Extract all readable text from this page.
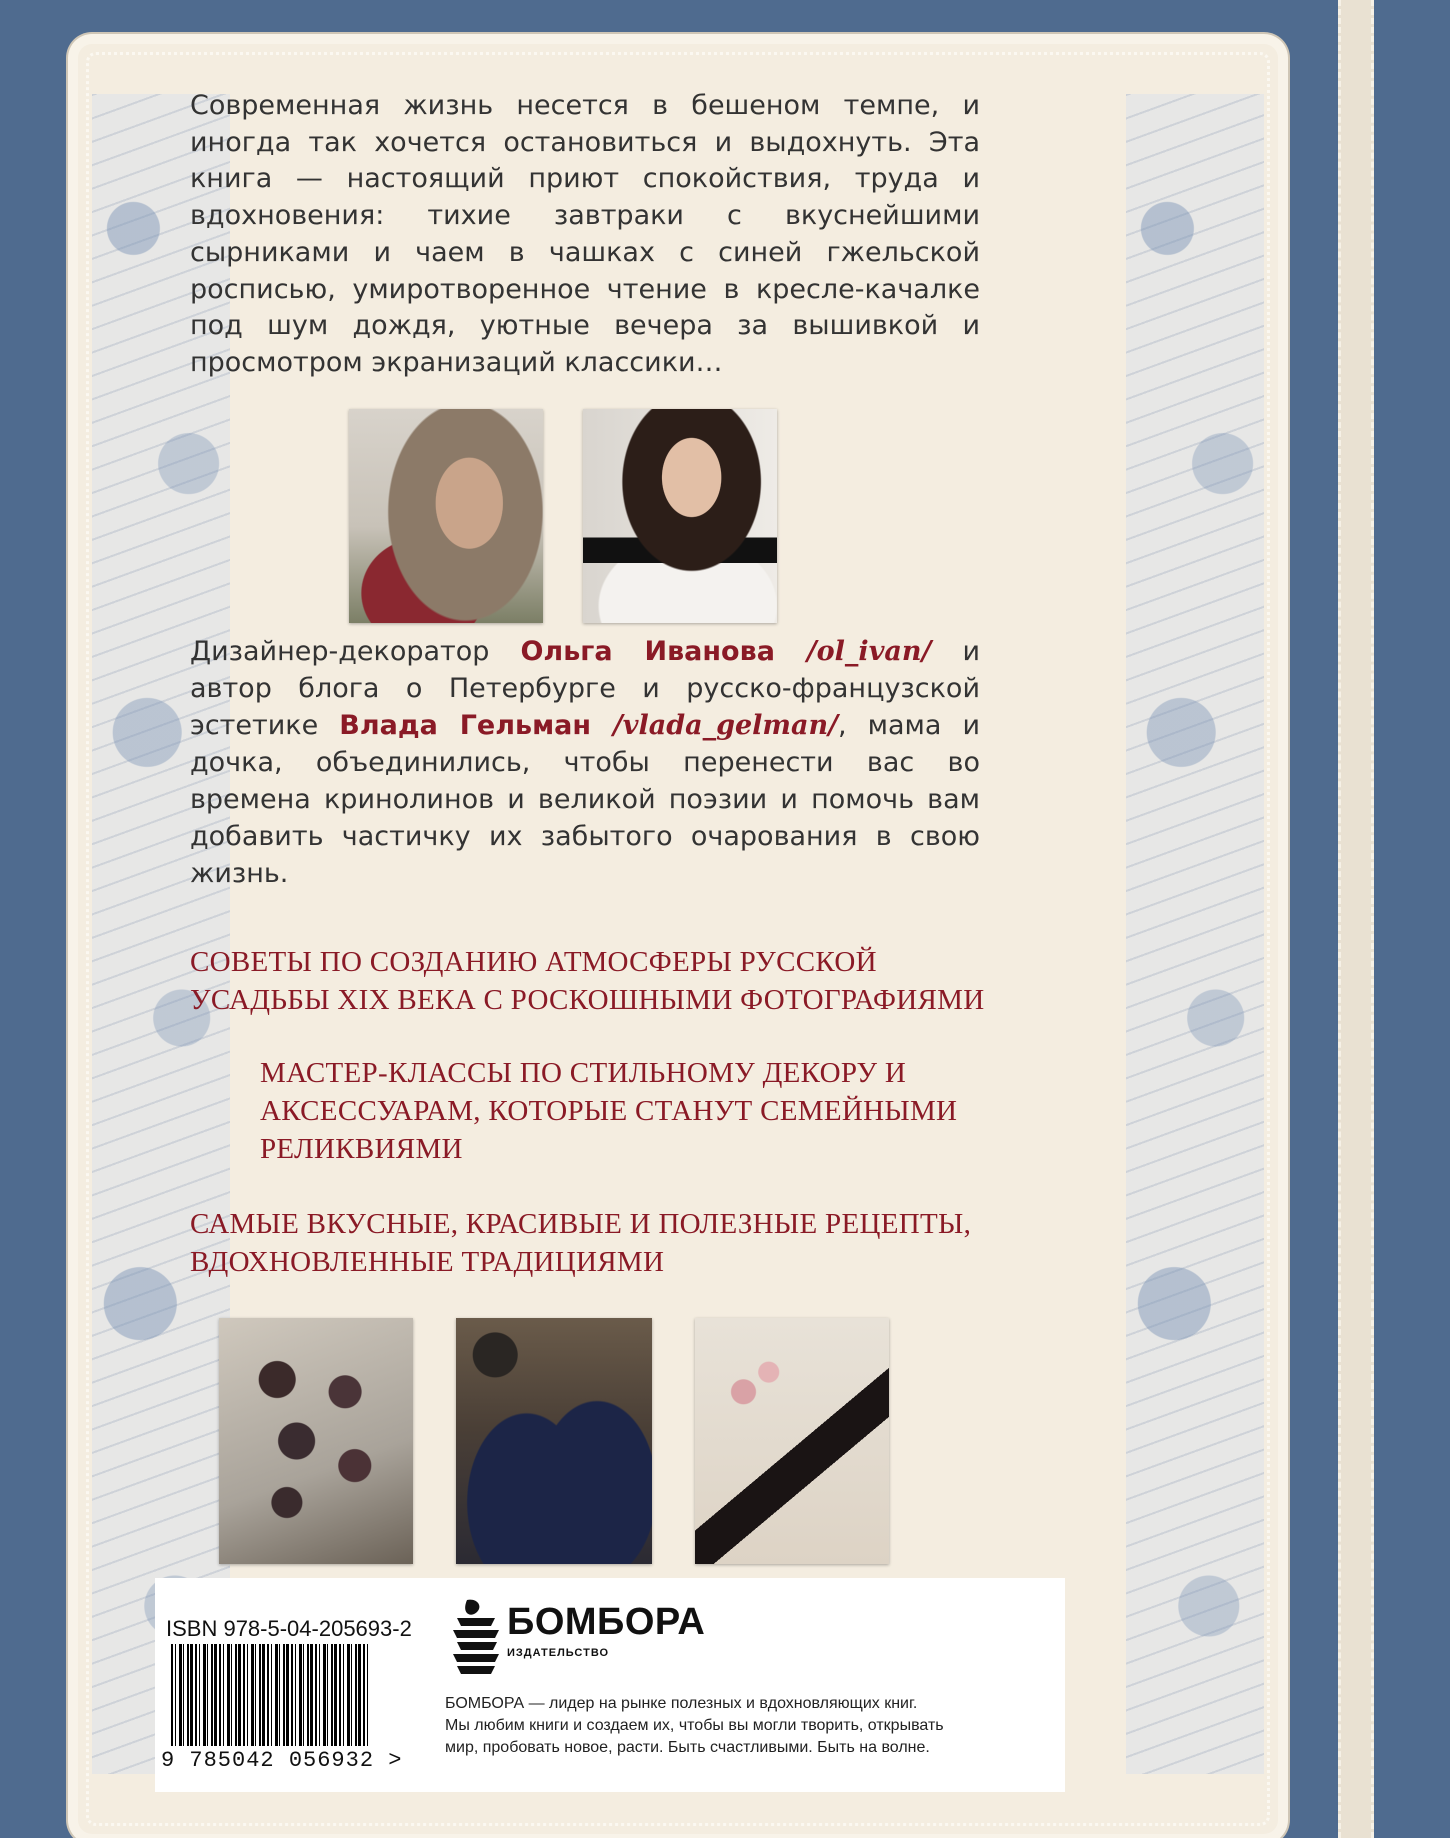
Современная жизнь несется в бешеном темпе, и иногда так хочется остановиться и выдохнуть. Эта книга — настоящий приют спокойствия, труда и вдохновения: тихие завтраки с вкуснейшими сырниками и чаем в чашках с синей гжельской росписью, умиротворенное чтение в кресле-качалке под шум дождя, уютные вечера за вышивкой и просмотром экранизаций классики…

Дизайнер-декоратор Ольга Иванова /ol_ivan/ и автор блога о Петербурге и русско-французской эстетике Влада Гельман /vlada_gelman/, мама и дочка, объединились, чтобы перенести вас во времена кринолинов и великой поэзии и помочь вам добавить частичку их забытого очарования в свою жизнь.

СОВЕТЫ ПО СОЗДАНИЮ АТМОСФЕРЫ РУССКОЙ УСАДЬБЫ XIX ВЕКА С РОСКОШНЫМИ ФОТОГРАФИЯМИ

МАСТЕР-КЛАССЫ ПО СТИЛЬНОМУ ДЕКОРУ И АКСЕССУАРАМ, КОТОРЫЕ СТАНУТ СЕМЕЙНЫМИ РЕЛИКВИЯМИ

САМЫЕ ВКУСНЫЕ, КРАСИВЫЕ И ПОЛЕЗНЫЕ РЕЦЕПТЫ, ВДОХНОВЛЕННЫЕ ТРАДИЦИЯМИ

ISBN 978-5-04-205693-2

9 785042 056932 >

БОМБОРА

ИЗДАТЕЛЬСТВО

БОМБОРА — лидер на рынке полезных и вдохновляющих книг. Мы любим книги и создаем их, чтобы вы могли творить, открывать мир, пробовать новое, расти. Быть счастливыми. Быть на волне.
